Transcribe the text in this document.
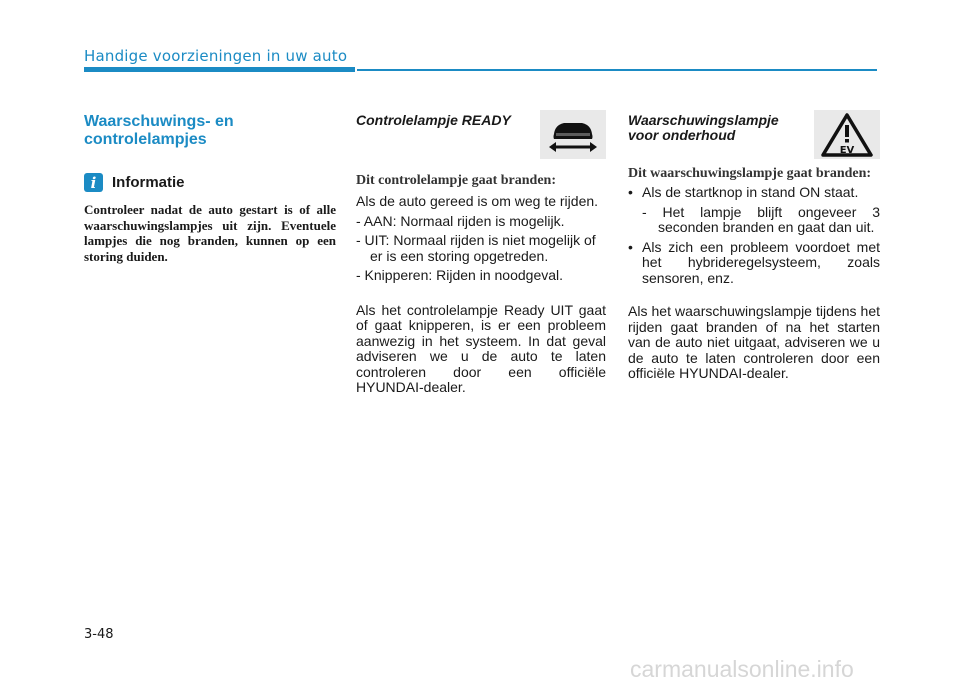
Handige voorzieningen in uw auto
Waarschuwings- en controlelampjes
i	Informatie
Controleer nadat de auto gestart is of alle waarschuwingslampjes uit zijn. Eventuele lampjes die nog branden, kunnen op een storing duiden.
Controlelampje READY
Dit controlelampje gaat branden:

Als de auto gereed is om weg te rijden.

- AAN: Normaal rijden is mogelijk.

- UIT: Normaal rijden is niet mogelijk of er is een storing opgetreden.

- Knipperen: Rijden in noodgeval.

Als het controlelampje Ready UIT gaat of gaat knipperen, is er een probleem aanwezig in het systeem. In dat geval adviseren we u de auto te laten controleren door een officiële HYUNDAI-dealer.

Waarschuwingslampje voor onderhoud
EV
Dit waarschuwingslampje gaat branden:
• Als de startknop in stand ON staat.

- Het lampje blijft ongeveer 3 seconden branden en gaat dan uit.

• Als zich een probleem voordoet met het hybrideregelsysteem, zoals sensoren, enz.

Als het waarschuwingslampje tijdens het rijden gaat branden of na het starten van de auto niet uitgaat, adviseren we u de auto te laten controleren door een officiële HYUNDAI-dealer.

3-48
carmanualsonline.info
